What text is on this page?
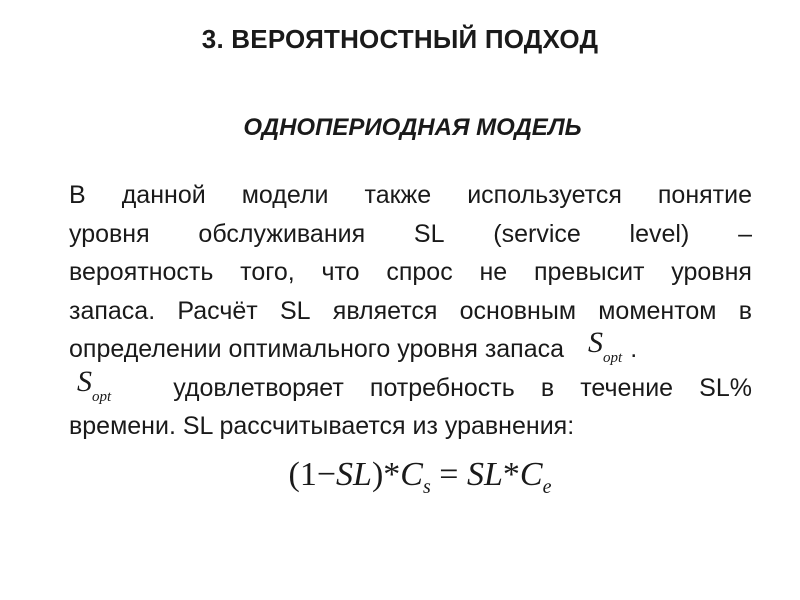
3. ВЕРОЯТНОСТНЫЙ ПОДХОД
ОДНОПЕРИОДНАЯ МОДЕЛЬ
В данной модели также используется понятие
уровня обслуживания SL (service level) –
вероятность того, что спрос не превысит уровня
запаса. Расчёт SL является основным моментом в
определении оптимального уровня запаса Sopt .
Sopt удовлетворяет потребность в течение SL%
времени. SL рассчитывается из уравнения:
$(1-SL)*C_s = SL*C_e$
